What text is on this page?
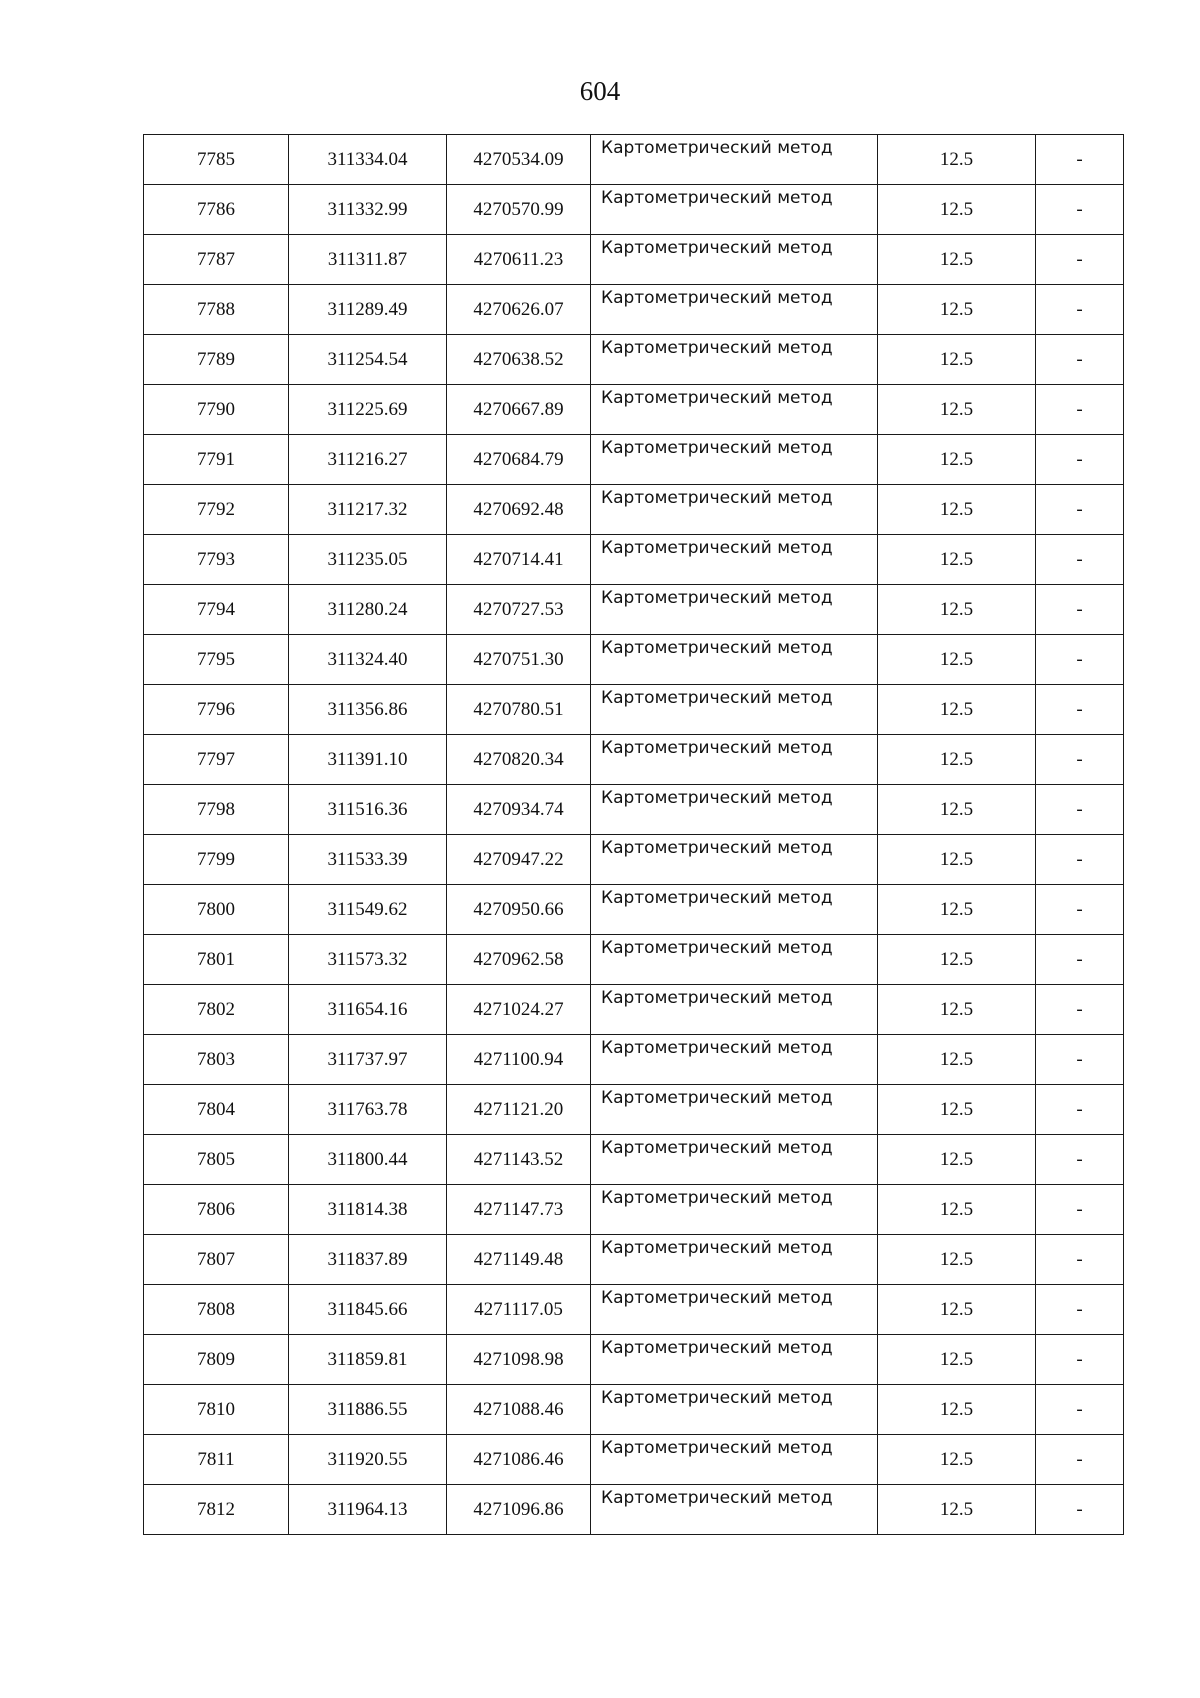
604
7785	311334.04	4270534.09	Картометрический метод	12.5	-
7786	311332.99	4270570.99	Картометрический метод	12.5	-
7787	311311.87	4270611.23	Картометрический метод	12.5	-
7788	311289.49	4270626.07	Картометрический метод	12.5	-
7789	311254.54	4270638.52	Картометрический метод	12.5	-
7790	311225.69	4270667.89	Картометрический метод	12.5	-
7791	311216.27	4270684.79	Картометрический метод	12.5	-
7792	311217.32	4270692.48	Картометрический метод	12.5	-
7793	311235.05	4270714.41	Картометрический метод	12.5	-
7794	311280.24	4270727.53	Картометрический метод	12.5	-
7795	311324.40	4270751.30	Картометрический метод	12.5	-
7796	311356.86	4270780.51	Картометрический метод	12.5	-
7797	311391.10	4270820.34	Картометрический метод	12.5	-
7798	311516.36	4270934.74	Картометрический метод	12.5	-
7799	311533.39	4270947.22	Картометрический метод	12.5	-
7800	311549.62	4270950.66	Картометрический метод	12.5	-
7801	311573.32	4270962.58	Картометрический метод	12.5	-
7802	311654.16	4271024.27	Картометрический метод	12.5	-
7803	311737.97	4271100.94	Картометрический метод	12.5	-
7804	311763.78	4271121.20	Картометрический метод	12.5	-
7805	311800.44	4271143.52	Картометрический метод	12.5	-
7806	311814.38	4271147.73	Картометрический метод	12.5	-
7807	311837.89	4271149.48	Картометрический метод	12.5	-
7808	311845.66	4271117.05	Картометрический метод	12.5	-
7809	311859.81	4271098.98	Картометрический метод	12.5	-
7810	311886.55	4271088.46	Картометрический метод	12.5	-
7811	311920.55	4271086.46	Картометрический метод	12.5	-
7812	311964.13	4271096.86	Картометрический метод	12.5	-
